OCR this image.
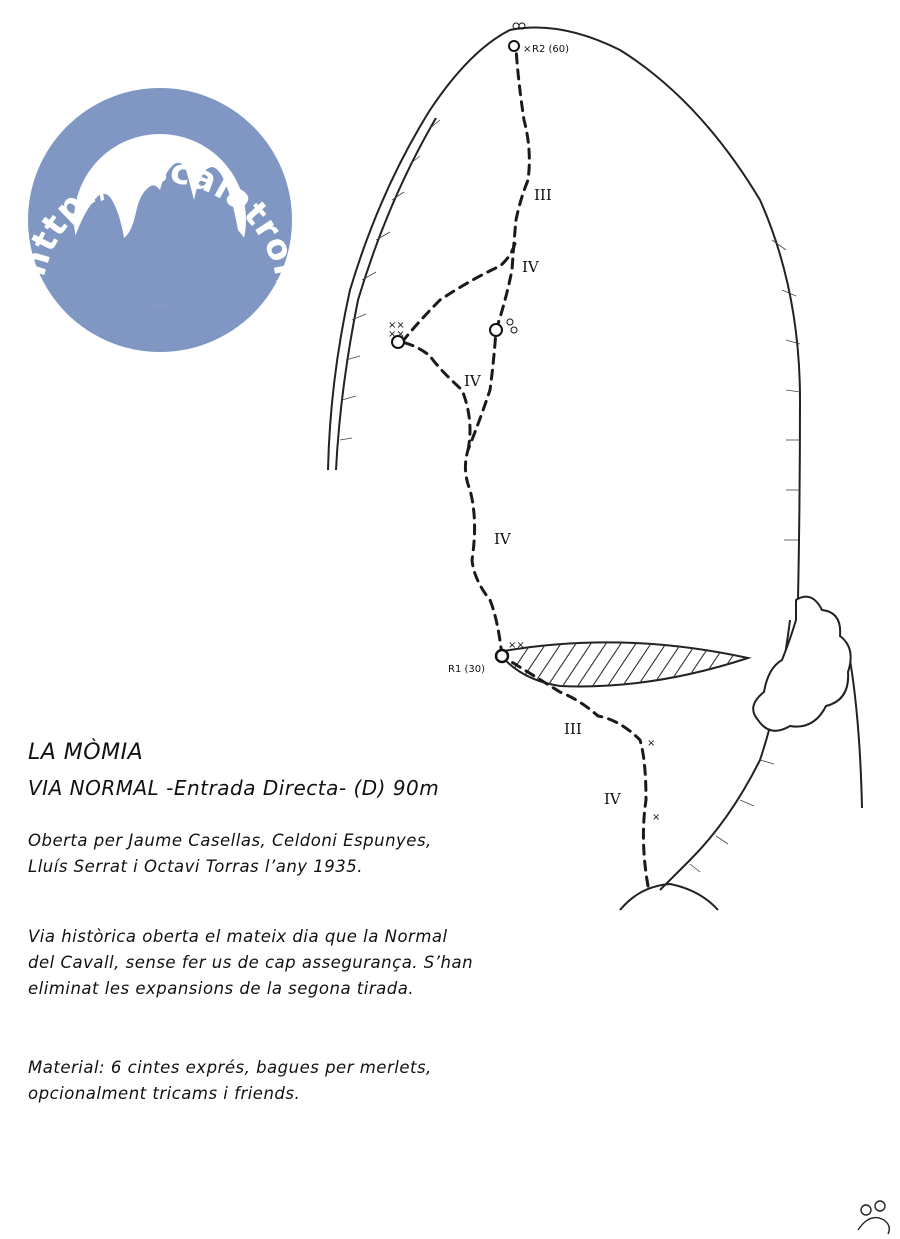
http://escalatroncs.wordpress.com
× R2 (60)
××
R1 (30)
××
××
×
×
III
IV
IV
IV
III
IV
LA MÒMIA
VIA NORMAL -Entrada Directa- (D) 90m
Oberta per Jaume Casellas, Celdoni Espunyes,
Lluís Serrat i Octavi Torras l’any 1935.
Via històrica oberta el mateix dia que la Normal
del Cavall, sense fer us de cap assegurança. S’han
eliminat les expansions de la segona tirada.
Material: 6 cintes exprés, bagues per merlets,
opcionalment tricams i friends.
